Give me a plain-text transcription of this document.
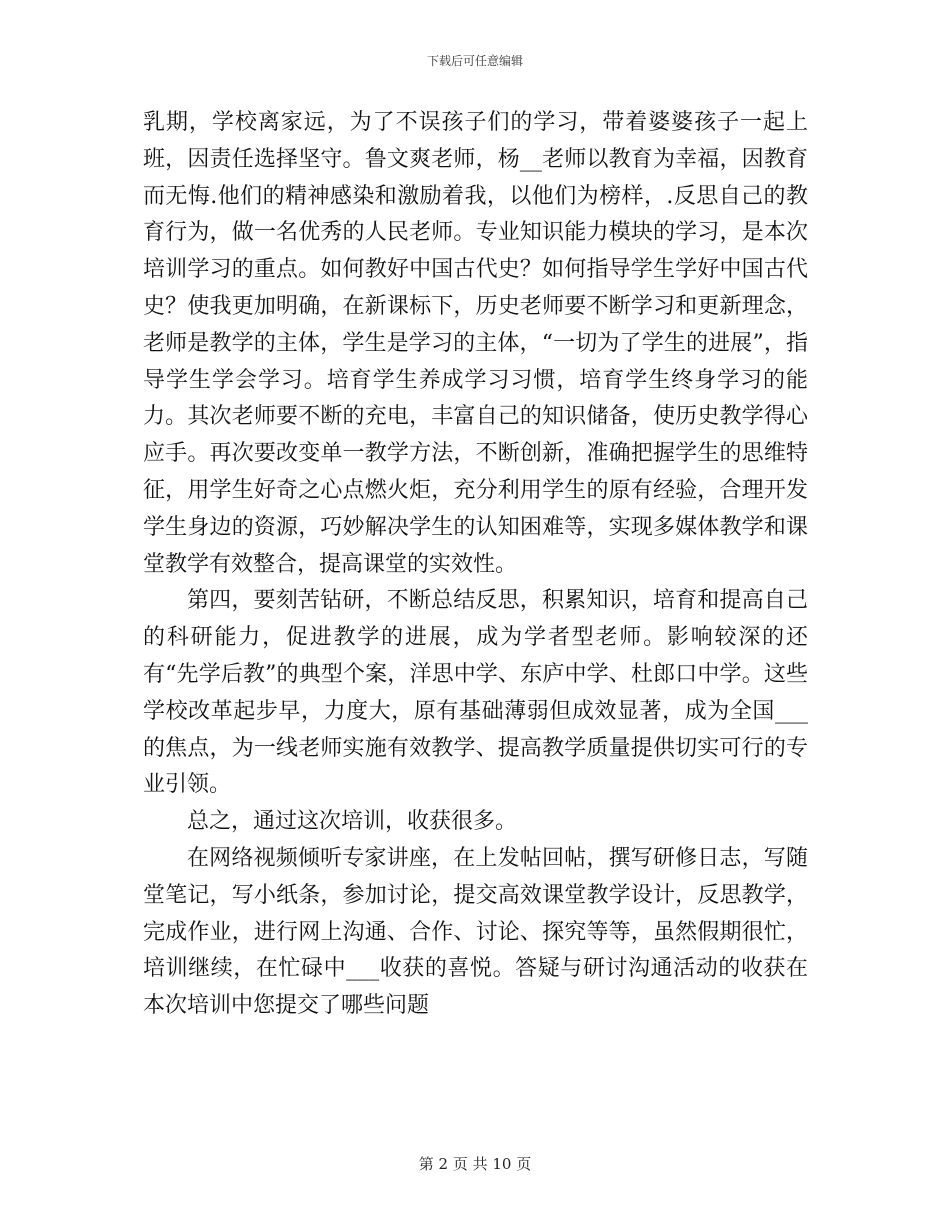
下载后可任意编辑

乳期，学校离家远，为了不误孩子们的学习，带着婆婆孩子一起上班，因责任选择坚守。鲁文爽老师，杨__老师以教育为幸福，因教育而无悔.他们的精神感染和激励着我，以他们为榜样，.反思自己的教育行为，做一名优秀的人民老师。专业知识能力模块的学习，是本次培训学习的重点。如何教好中国古代史？如何指导学生学好中国古代史？使我更加明确，在新课标下，历史老师要不断学习和更新理念，老师是教学的主体，学生是学习的主体，“一切为了学生的进展”，指导学生学会学习。培育学生养成学习习惯，培育学生终身学习的能力。其次老师要不断的充电，丰富自己的知识储备，使历史教学得心应手。再次要改变单一教学方法，不断创新，准确把握学生的思维特征，用学生好奇之心点燃火炬，充分利用学生的原有经验，合理开发学生身边的资源，巧妙解决学生的认知困难等，实现多媒体教学和课堂教学有效整合，提高课堂的实效性。

第四，要刻苦钻研，不断总结反思，积累知识，培育和提高自己的科研能力，促进教学的进展，成为学者型老师。影响较深的还有“先学后教”的典型个案，洋思中学、东庐中学、杜郎口中学。这些学校改革起步早，力度大，原有基础薄弱但成效显著，成为全国___的焦点，为一线老师实施有效教学、提高教学质量提供切实可行的专业引领。

总之，通过这次培训，收获很多。

在网络视频倾听专家讲座，在上发帖回帖，撰写研修日志，写随堂笔记，写小纸条，参加讨论，提交高效课堂教学设计，反思教学，完成作业，进行网上沟通、合作、讨论、探究等等，虽然假期很忙，培训继续，在忙碌中___收获的喜悦。答疑与研讨沟通活动的收获在本次培训中您提交了哪些问题

第 2 页 共 10 页
